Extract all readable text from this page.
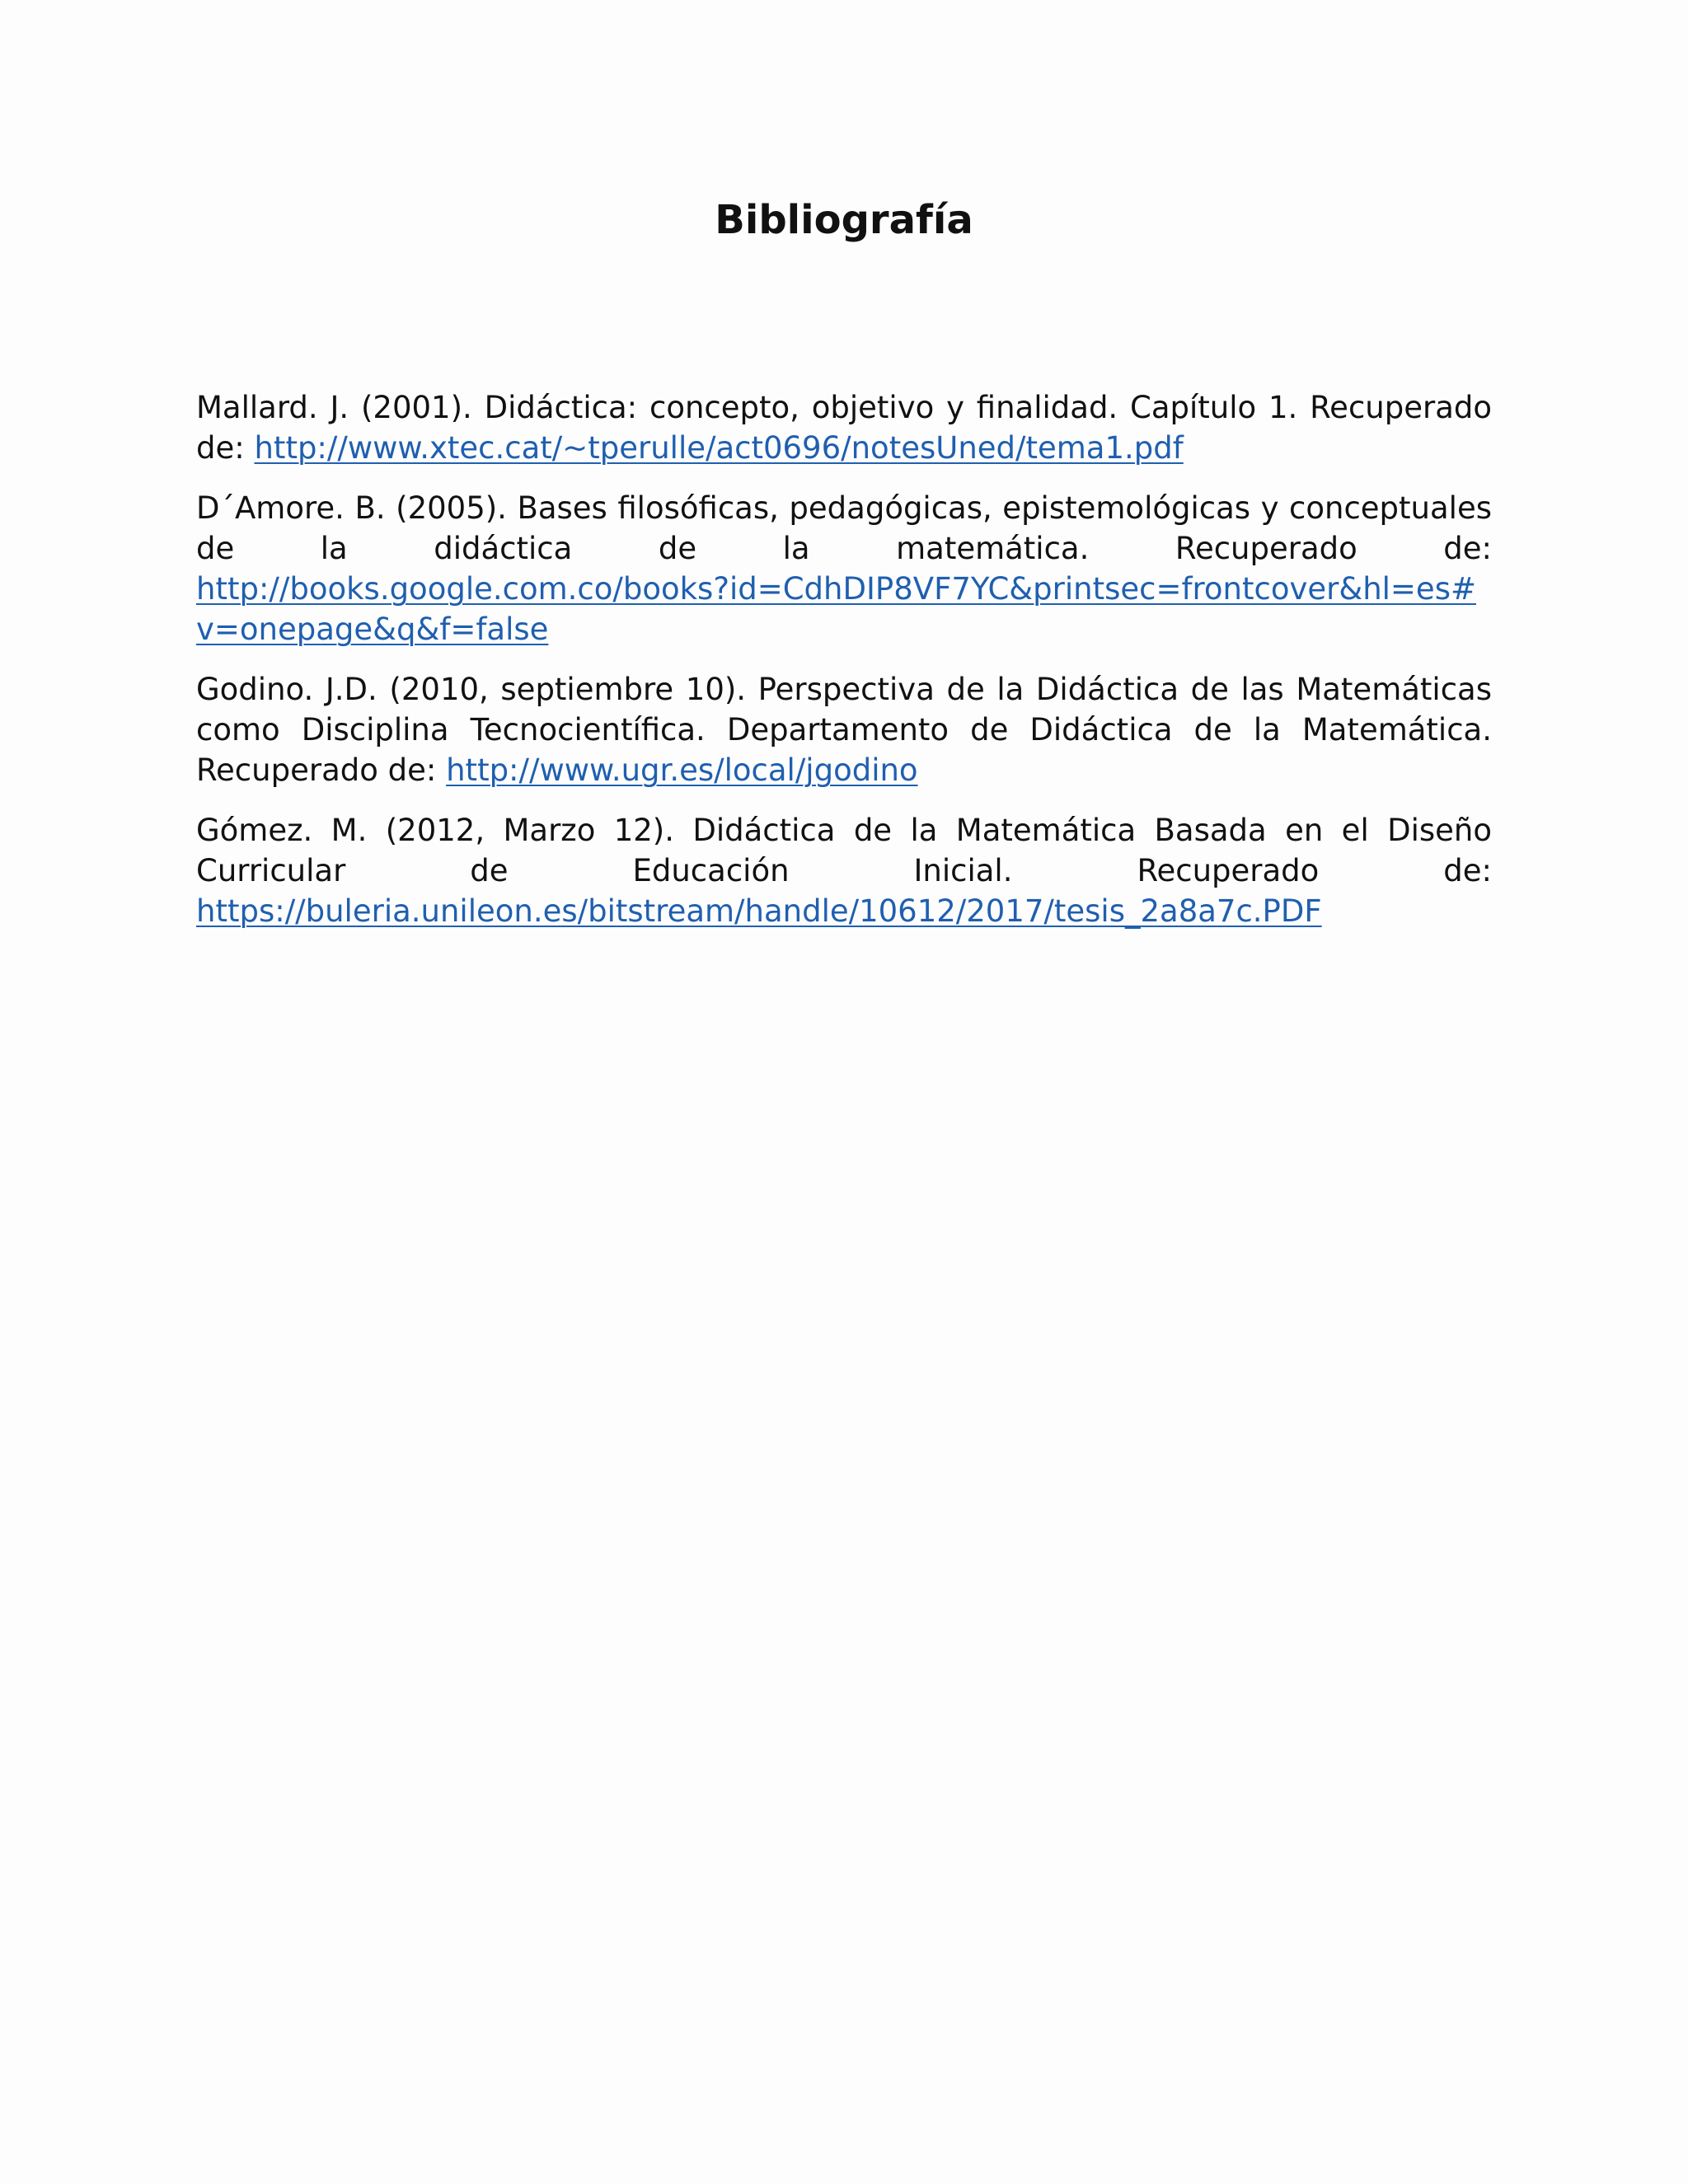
Bibliografía

Mallard. J. (2001). Didáctica: concepto, objetivo y finalidad. Capítulo 1. Recuperado de: http://www.xtec.cat/~tperulle/act0696/notesUned/tema1.pdf

D´Amore. B. (2005). Bases filosóficas, pedagógicas, epistemológicas y conceptuales
de la didáctica de la matemática. Recuperado de:
http://books.google.com.co/books?id=CdhDIP8VF7YC&printsec=frontcover&hl=es#v=onepage&q&f=false

Godino. J.D. (2010, septiembre 10). Perspectiva de la Didáctica de las Matemáticas como Disciplina Tecnocientífica. Departamento de Didáctica de la Matemática. Recuperado de: http://www.ugr.es/local/jgodino

Gómez. M. (2012, Marzo 12). Didáctica de la Matemática Basada en el Diseño
Curricular de Educación Inicial. Recuperado de:
https://buleria.unileon.es/bitstream/handle/10612/2017/tesis_2a8a7c.PDF
